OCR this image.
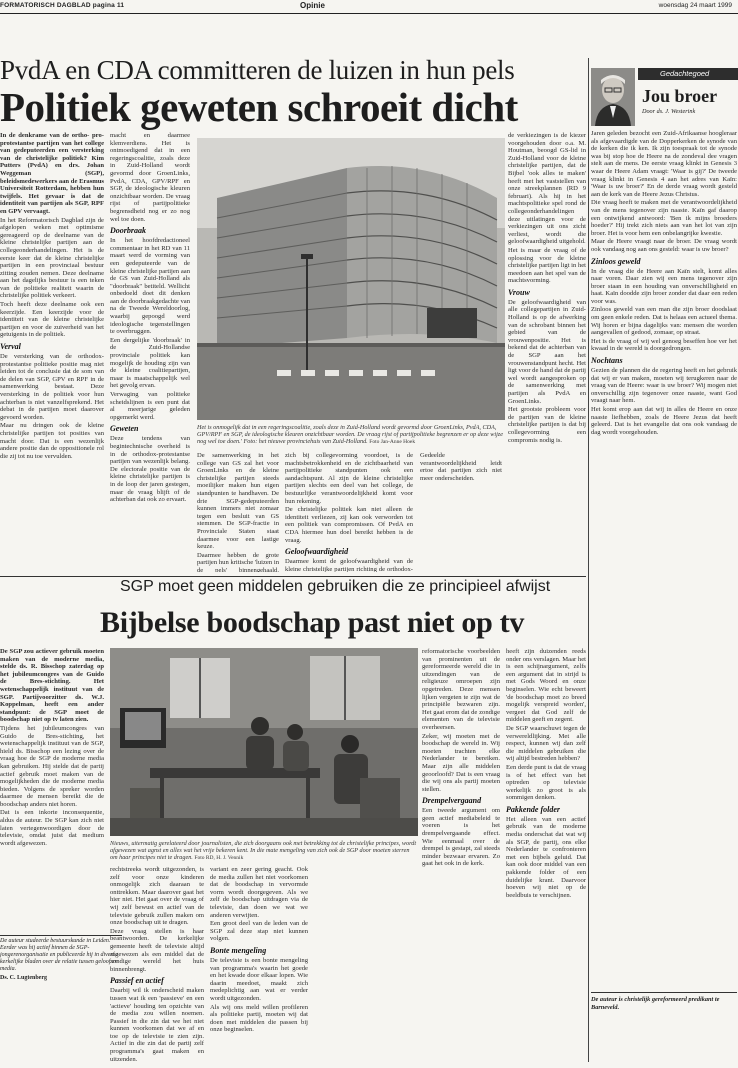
FORMATORISCH DAGBLAD pagina 11	Opinie	woensdag 24 maart 1999
PvdA en CDA committeren de luizen in hun pels
Politiek geweten schroeit dicht

In de denkrame van de ortho- pro-protestantse partijen van het college van gedeputeerden een versterking van de christelijke politiek? Kim Putters (PvdA) en drs. Johan Weggeman (SGP), beleidsmedewerkers aan de Erasmus Universiteit Rotterdam, hebben hun twijfels. Het gevaar is dat de identiteit van partijen als SGP, RPF en GPV vervaagt.

In het Reformatorisch Dagblad zijn de afgelopen weken met optimisme gereageerd op de deelname van de kleine christelijke partijen aan de collegeonderhandelingen. Het is de eerste keer dat de kleine christelijke partijen in een provinciaal bestuur zitting zouden nemen. Deze deelname aan het dagelijks bestuur is een teken van de politieke realiteit waarin de christelijke politiek verkeert.

Toch heeft deze deelname ook een keerzijde. Een keerzijde voor de identiteit van de kleine christelijke partijen en voor de zuiverheid van het getuigenis in de politiek.

Verval

De versterking van de orthodox-protestantse politieke positie mag niet leiden tot de conclusie dat de som van de delen van SGP, GPV en RPF in de samenwerking bestaat. Deze versterking in de politiek voor hun achterban is niet vanzelfsprekend. Het debat in de partijen moet daarover gevoerd worden.

Maar nu dringen ook de kleine christelijke partijen tot posities van macht door. Dat is een wezenlijk andere positie dan de oppositionele rol die zij tot nu toe vervulden.

macht en daarmee klemverdiens. Het is ontmoedigend dat in een regeringscoalitie, zoals deze in Zuid-Holland wordt gevormd door GroenLinks, PvdA, CDA, GPV/RPF en SGP, de ideologische kleuren onzichtbaar worden. De vraag rijst of partijpolitieke begrensdheid nog er zo nog wel toe doen.

Doorbraak

In het hoofdredactioneel commentaar in het RD van 11 maart werd de vorming van een gedeputeerde van de kleine christelijke partijen aan de GS van Zuid-Holland als "doorbraak" betiteld. Wellicht onbedoeld doet dit denken aan de doorbraakgedachte van na de Tweede Wereldoorlog, waarbij gepoogd werd ideologische tegenstellingen te overbruggen.

Een dergelijke 'doorbraak' in de Zuid-Hollandse provinciale politiek kan mogelijk de houding zijn van de kleine coalitiepartijen, maar is maatschappelijk wel het gevolg ervan.

Verwaging van politieke scheidslijnen is een punt dat al meerjarige geleden opgemerkt werd.

Geweten

Deze tendens van begintechnische overheid is in de orthodox-protestantse partijen van wezenlijk belang. De electorale positie van de kleine christelijke partijen is in de loop der jaren gestegen, maar de vraag blijft of de achterban dat ook zo ervaart.

Het is onmogelijk dat in een regeringscoalitie, zoals deze in Zuid-Holland wordt gevormd door GroenLinks, PvdA, CDA, GPV/RPF en SGP, de ideologische kleuren onzichtbaar worden. De vraag rijst of partijpolitieke begrenzen er op deze wijze nog wel toe doen.' Foto: het nieuwe provinciehuis van Zuid-Holland. Foto Jan-Anne Hoek

De samenwerking in het college van GS zal het voor GroenLinks en de kleine christelijke partijen steeds moeilijker maken hun eigen standpunten te handhaven. De drie SGP-gedeputeerden kunnen immers niet zomaar tegen een besluit van GS stemmen. De SGP-fractie in Provinciale Staten staat daarmee voor een lastige keuze.

Daarmee hebben de grote partijen hun kritische 'luizen in de pels' binnengehaald.

zich bij collegevorming voordoet, is de machtsbetrokkenheid en de zichtbaarheid van partijpolitieke standpunten ook een aandachtspunt. Al zijn de kleine christelijke partijen slechts een deel van het college, de bestuurlijke verantwoordelijkheid komt voor hun rekening.

De christelijke politiek kan niet alleen de identiteit verliezen, zij kan ook verworden tot een politiek van compromissen. Of PvdA en CDA hiermee hun doel bereikt hebben is de vraag.

Geloofwaardigheid

Daarmee komt de geloofwaardigheid van de kleine christelijke partijen richting de orthodox-

de verkiezingen is de kiezer voorgehouden door o.a. M. Houtman, beoogd GS-lid in Zuid-Holland voor de kleine christelijke partijen, dat de Bijbel 'ook alles te maken' heeft met het vaststellen van onze streekplannen (RD 9 februari). Als hij in het machtspolitieke spel rond de collegeonderhandelingen deze uitlatingen voor de verkiezingen uit ons zicht verliest, wordt die geloofwaardigheid uitgehold.

Het is maar de vraag of de oplossing voor de kleine christelijke partijen ligt in het meedoen aan het spel van de machtsvorming.

Vrouw

De geloofwaardigheid van alle collegepartijen in Zuid-Holland is op de afwerking van de schrobant binnen het gebied van de vrouwenpositie. Het is bekend dat de achterban van de SGP aan het vrouwenstandpunt hecht. Het ligt voor de hand dat de partij wel wordt aangesproken op de samenwerking met partijen als PvdA en GroenLinks.

Het grootste probleem voor de partijen van de kleine christelijke partijen is dat bij collegevorming een compromis nodig is.

Gedeelde verantwoordelijkheid leidt ertoe dat partijen zich niet meer onderscheiden.

SGP moet geen middelen gebruiken die ze principieel afwijst
Bijbelse boodschap past niet op tv

De SGP zou actiever gebruik moeten maken van de moderne media, stelde ds. R. Bisschop zaterdag op het jubileumcongres van de Guido de Bres-stichting. Het wetenschappelijk instituut van de SGP. Partijvoorzitter ds. W.J. Koppelman, heeft een ander standpunt: de SGP moet de boodschap niet op tv laten zien.

Tijdens het jubileumcongres van Guido de Bres-stichting, het wetenschappelijk instituut van de SGP, hield ds. Bisschop een lezing over de vraag hoe de SGP de moderne media kan gebruiken. Hij stelde dat de partij actief gebruik moet maken van de mogelijkheden die de moderne media bieden. Volgens de spreker worden daarmee de mensen bereikt die de boodschap anders niet horen.

Dat is een inkorte inconsequentie, aldus de auteur. De SGP kan zich niet laten vertegenwoordigen door de televisie, omdat juist dat medium wordt afgewezen.

De auteur studeerde bestuurskunde in Leiden. Eerder was hij actief binnen de SGP-jongerenorganisatie en publiceerde hij in diverse kerkelijke bladen over de relatie tussen geloof en media.
Ds. C. Lugtenberg
Nieuws, uitermatig gerelateerd door journalisten, die zich doorgaans ook met betrekking tot de christelijke principes, wordt afgewezen wat agnst en alles wat het vrije bekeren kent. In die mate mengeling van zich ook de SGP door moeten sterren om haar principes niet te dragen. Foto RD, H. J. Vennik

rechtstreeks wordt uitgezonden, is zelf voor onze kinderen onmogelijk zich daaraan te onttrekken. Maar daarover gaat het hier niet. Het gaat over de vraag of wij zelf bewust en actief van de televisie gebruik zullen maken om onze boodschap uit te dragen.

Deze vraag stellen is haar beantwoorden. De kerkelijke gemeente heeft de televisie altijd afgewezen als een middel dat de zondige wereld het huis binnenbrengt.

Passief en actief

Daarbij wil ik onderscheid maken tussen wat ik een 'passieve' en een 'actieve' houding ten opzichte van de media zou willen noemen. Passief in die zin dat we het niet kunnen voorkomen dat we af en toe op de televisie te zien zijn. Actief in die zin dat de partij zelf programma's gaat maken en uitzenden.

variant en zeer gering geacht. Ook de media zullen het niet voorkomen dat de boodschap in vervormde vorm wordt doorgegeven. Als we zelf de boodschap uitdragen via de televisie, dan doen we wat we anderen verwijten.

Een groot deel van de leden van de SGP zal deze stap niet kunnen volgen.

Bonte mengeling

De televisie is een bonte mengeling van programma's waarin het goede en het kwade door elkaar lopen. Wie daarin meedoet, maakt zich medeplichtig aan wat er verder wordt uitgezonden.

Als wij ons meld willen profileren als politieke partij, moeten wij dat doen met middelen die passen bij onze beginselen.

reformatorische voorbeelden van prominenten uit de gereformeerde wereld die in uitzendingen van de religieuze omroepen zijn opgetreden. Deze mensen lijken vergeten te zijn wat de principiële bezwaren zijn. Het gaat erom dat de zondige elementen van de televisie overheersen.

Zeker, wij moeten met de boodschap de wereld in. Wij moeten trachten elke Nederlander te bereiken. Maar zijn alle middelen geoorloofd? Dat is een vraag die wij ons als partij moeten stellen.

Drempelvergaand

Een tweede argument om geen actief mediabeleid te voeren is het drempelvergaande effect. Wie eenmaal over de drempel is gestapt, zal steeds minder bezwaar ervaren. Zo gaat het ook in de kerk.

heeft zijn duizenden reeds onder ons verslagen. Maar het is een schijnargument, zelfs een argument dat in strijd is met Gods Woord en onze beginselen. Wie echt beweert 'de boodschap moet zo breed mogelijk verspreid worden', vergeet dat God zelf de middelen geeft en zegent.

De SGP waarschuwt tegen de verwereldlijking. Met alle respect, kunnen wij dan zelf die middelen gebruiken die wij altijd bestreden hebben?

Een derde punt is dat de vraag is of het effect van het optreden op televisie werkelijk zo groot is als sommigen denken.

Pakkende folder

Het alleen van een actief gebruik van de moderne media onderschat dat wat wij als SGP, de partij, ons elke Nederlander te confronteren met een bijbels geluid. Dat kan ook door middel van een pakkende folder of een duidelijke krant. Daarvoor hoeven wij niet op de beeldbuis te verschijnen.

Gedachtegoed
Jou broer
Door ds. J. Westerink

Jaren geleden bezocht een Zuid-Afrikaanse hoogleraar als afgevaardigde van de Dopperkerken de synode van de kerken die ik ken. Ik zijn toespraak tot de synode was bij stop hoe de Heere na de zondeval dee vragen stelt aan de mens. De eerste vraag klinkt in Genesis 3 waar de Heere Adam vraagt: 'Waar is gij?' De tweede vraag klinkt in Genesis 4 aan het adres van Kaïn: 'Waar is uw broer?' En de derde vraag wordt gesteld aan de kerk van de Heere Jezus Christus.

Die vraag heeft te maken met de verantwoordelijkheid van de mens tegenover zijn naaste. Kaïn gaf daarop een ontwijkend antwoord: 'Ben ik mijns broeders hoeder?' Hij trekt zich niets aan van het lot van zijn broer. Het is voor hem een onbelangrijke kwestie.

Maar de Heere vraagt naar de broer. De vraag wordt ook vandaag nog aan ons gesteld: waar is uw broer?

Zinloos geweld

In de vraag die de Heere aan Kaïn stelt, komt alles naar voren. Daar zien wij een mens tegenover zijn broer staan in een houding van onverschilligheid en haat. Kaïn doodde zijn broer zonder dat daar een reden voor was.

Zinloos geweld van een man die zijn broer doodslaat om geen enkele reden. Dat is helaas een actueel thema. Wij horen er bijna dagelijks van: mensen die worden aangevallen of gedood, zomaar, op straat.

Het is de vraag of wij wel genoeg beseffen hoe ver het kwaad in de wereld is doorgedrongen.

Nochtans

Gezien de plannen die de regering heeft en het gebruik dat wij er van maken, moeten wij terugkeren naar de vraag van de Heere: waar is uw broer? Wij mogen niet onverschillig zijn tegenover onze naaste, want God vraagt naar hem.

Het komt erop aan dat wij in alles de Heere en onze naaste liefhebben, zoals de Heere Jezus dat heeft geleerd. Dat is het evangelie dat ons ook vandaag de dag wordt voorgehouden.

De auteur is christelijk gereformeerd predikant te Barneveld.
